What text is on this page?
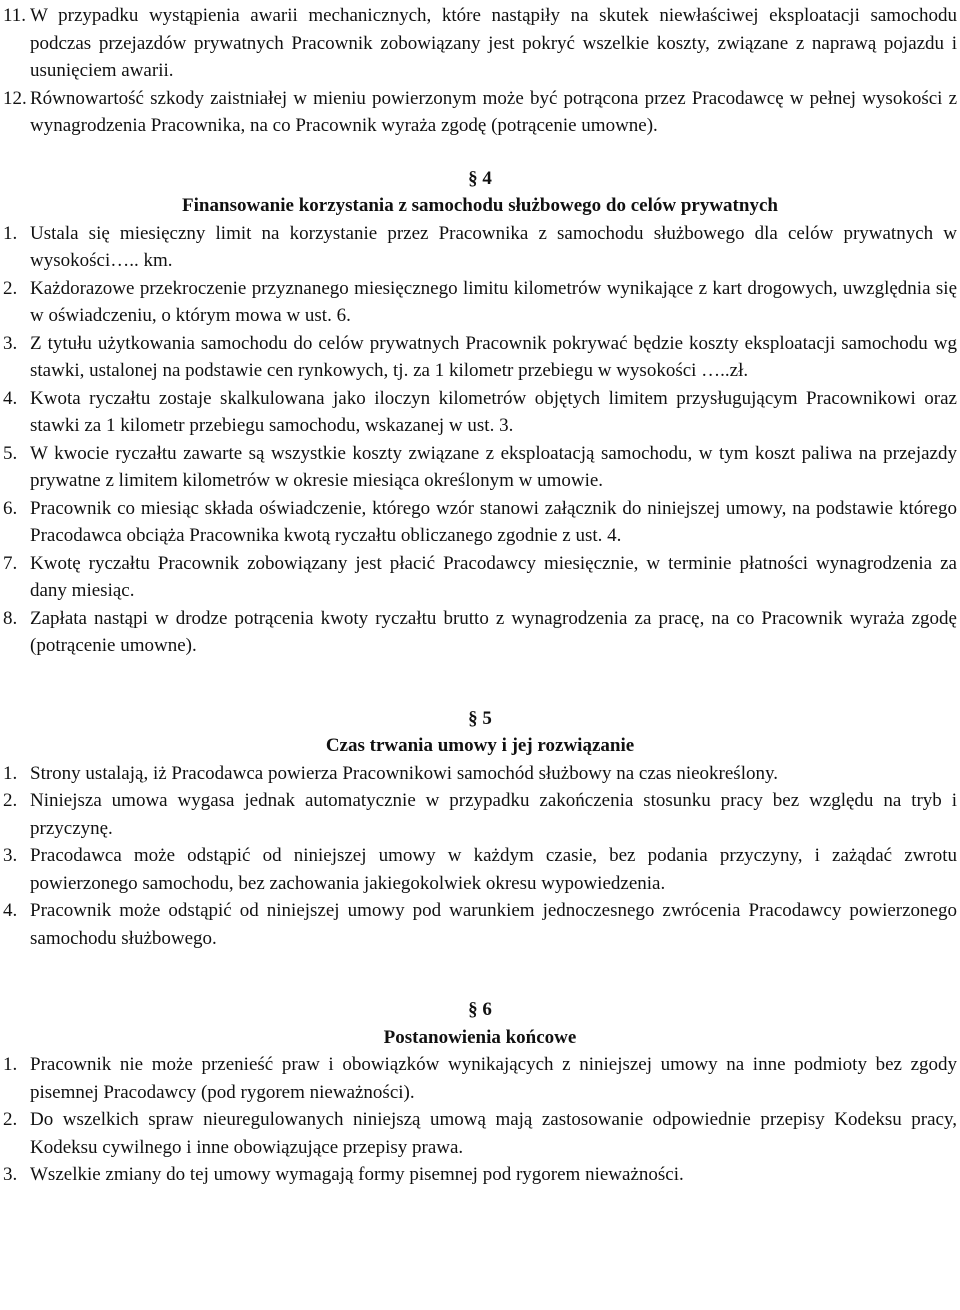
11. W przypadku wystąpienia awarii mechanicznych, które nastąpiły na skutek niewłaściwej eksploatacji samochodu podczas przejazdów prywatnych Pracownik zobowiązany jest pokryć wszelkie koszty, związane z naprawą pojazdu i usunięciem awarii.
12. Równowartość szkody zaistniałej w mieniu powierzonym może być potrącona przez Pracodawcę w pełnej wysokości z wynagrodzenia Pracownika, na co Pracownik wyraża zgodę (potrącenie umowne).
§ 4
Finansowanie korzystania z samochodu służbowego do celów prywatnych
1. Ustala się miesięczny limit na korzystanie przez Pracownika z samochodu służbowego dla celów prywatnych w wysokości….. km.
2. Każdorazowe przekroczenie przyznanego miesięcznego limitu kilometrów wynikające z kart drogowych, uwzględnia się w oświadczeniu, o którym mowa w ust. 6.
3. Z tytułu użytkowania samochodu do celów prywatnych Pracownik pokrywać będzie koszty eksploatacji samochodu wg stawki, ustalonej na podstawie cen rynkowych, tj. za 1 kilometr przebiegu w wysokości …..zł.
4. Kwota ryczałtu zostaje skalkulowana jako iloczyn kilometrów objętych limitem przysługującym Pracownikowi oraz stawki za 1 kilometr przebiegu samochodu, wskazanej w ust. 3.
5. W kwocie ryczałtu zawarte są wszystkie koszty związane z eksploatacją samochodu, w tym koszt paliwa na przejazdy prywatne z limitem kilometrów w okresie miesiąca określonym w umowie.
6. Pracownik co miesiąc składa oświadczenie, którego wzór stanowi załącznik do niniejszej umowy, na podstawie którego Pracodawca obciąża Pracownika kwotą ryczałtu obliczanego zgodnie z ust. 4.
7. Kwotę ryczałtu Pracownik zobowiązany jest płacić Pracodawcy miesięcznie, w terminie płatności wynagrodzenia za dany miesiąc.
8. Zapłata nastąpi w drodze potrącenia kwoty ryczałtu brutto z wynagrodzenia za pracę, na co Pracownik wyraża zgodę (potrącenie umowne).
§ 5
Czas trwania umowy i jej rozwiązanie
1. Strony ustalają, iż Pracodawca powierza Pracownikowi samochód służbowy na czas nieokreślony.
2. Niniejsza umowa wygasa jednak automatycznie w przypadku zakończenia stosunku pracy bez względu na tryb i przyczynę.
3. Pracodawca może odstąpić od niniejszej umowy w każdym czasie, bez podania przyczyny, i zażądać zwrotu powierzonego samochodu, bez zachowania jakiegokolwiek okresu wypowiedzenia.
4. Pracownik może odstąpić od niniejszej umowy pod warunkiem jednoczesnego zwrócenia Pracodawcy powierzonego samochodu służbowego.
§ 6
Postanowienia końcowe
1. Pracownik nie może przenieść praw i obowiązków wynikających z niniejszej umowy na inne podmioty bez zgody pisemnej Pracodawcy (pod rygorem nieważności).
2. Do wszelkich spraw nieuregulowanych niniejszą umową mają zastosowanie odpowiednie przepisy Kodeksu pracy, Kodeksu cywilnego i inne obowiązujące przepisy prawa.
3. Wszelkie zmiany do tej umowy wymagają formy pisemnej pod rygorem nieważności.
